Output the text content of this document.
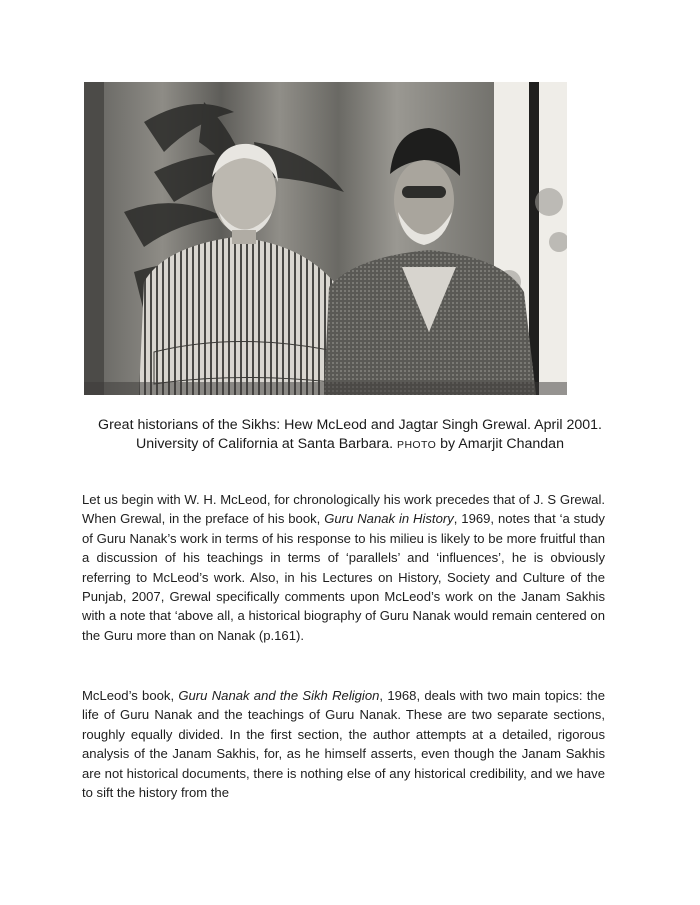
Great historians of the Sikhs: Hew McLeod and Jagtar Singh Grewal. April 2001.
University of California at Santa Barbara. PHOTO by Amarjit Chandan

Let us begin with W. H. McLeod, for chronologically his work precedes that of J. S Grewal. When Grewal, in the preface of his book, Guru Nanak in History, 1969, notes that ‘a study of Guru Nanak’s work in terms of his response to his milieu is likely to be more fruitful than a discussion of his teachings in terms of ‘parallels’ and ‘influences’, he is obviously referring to McLeod’s work. Also, in his Lectures on History, Society and Culture of the Punjab, 2007, Grewal specifically comments upon McLeod’s work on the Janam Sakhis with a note that ‘above all, a historical biography of Guru Nanak would remain centered on the Guru more than on Nanak (p.161).

McLeod’s book, Guru Nanak and the Sikh Religion, 1968, deals with two main topics: the life of Guru Nanak and the teachings of Guru Nanak. These are two separate sections, roughly equally divided. In the first section, the author attempts at a detailed, rigorous analysis of the Janam Sakhis, for, as he himself asserts, even though the Janam Sakhis are not historical documents, there is nothing else of any historical credibility, and we have to sift the history from the
